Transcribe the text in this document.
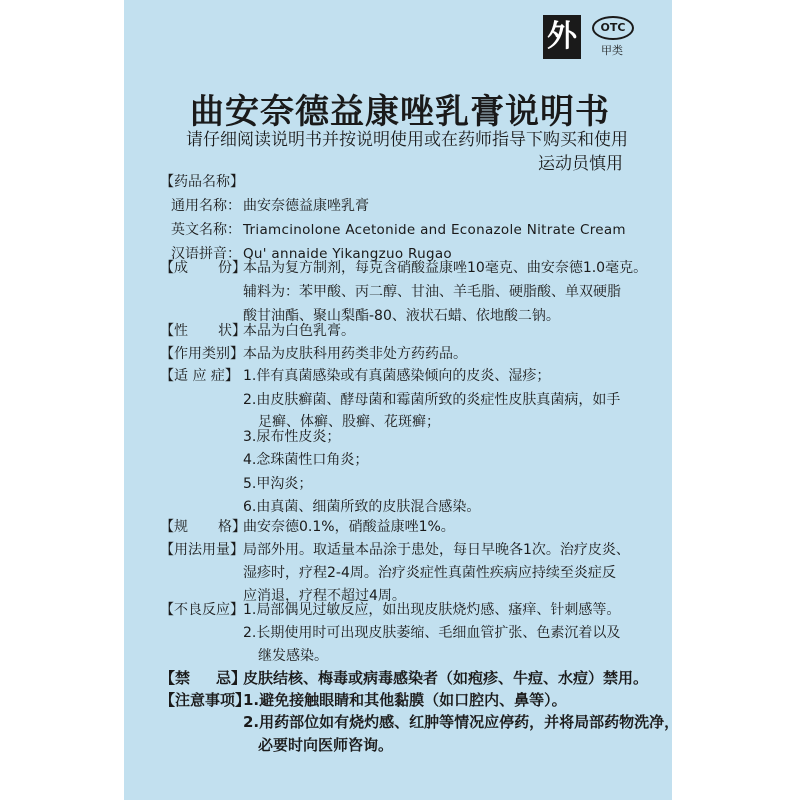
外	OTC
甲类
曲安奈德益康唑乳膏说明书
请仔细阅读说明书并按说明使用或在药师指导下购买和使用
运动员慎用
【药品名称】
通用名称： 曲安奈德益康唑乳膏
英文名称： Triamcinolone Acetonide and Econazole Nitrate Cream
汉语拼音： Qu' annaide Yikangzuo Rugao
【成 份】
本品为复方制剂，每克含硝酸益康唑10毫克、曲安奈德1.0毫克。
辅料为：苯甲酸、丙二醇、甘油、羊毛脂、硬脂酸、单双硬脂
酸甘油酯、聚山梨酯-80、液状石蜡、依地酸二钠。
【性 状】
本品为白色乳膏。
【作用类别】 本品为皮肤科用药类非处方药药品。
【适 应 症】 1.伴有真菌感染或有真菌感染倾向的皮炎、湿疹；
2.由皮肤癣菌、酵母菌和霉菌所致的炎症性皮肤真菌病，如手
足癣、体癣、股癣、花斑癣；
3.尿布性皮炎；
4.念珠菌性口角炎；
5.甲沟炎；
6.由真菌、细菌所致的皮肤混合感染。
【规 格】
曲安奈德0.1%，硝酸益康唑1%。
【用法用量】 局部外用。取适量本品涂于患处，每日早晚各1次。治疗皮炎、
湿疹时，疗程2-4周。治疗炎症性真菌性疾病应持续至炎症反
应消退，疗程不超过4周。
【不良反应】 1.局部偶见过敏反应，如出现皮肤烧灼感、瘙痒、针刺感等。
2.长期使用时可出现皮肤萎缩、毛细血管扩张、色素沉着以及
继发感染。
【禁 忌】
皮肤结核、梅毒或病毒感染者（如疱疹、牛痘、水痘）禁用。
【注意事项】
1.避免接触眼睛和其他黏膜（如口腔内、鼻等）。
2.用药部位如有烧灼感、红肿等情况应停药，并将局部药物洗净，
必要时向医师咨询。
